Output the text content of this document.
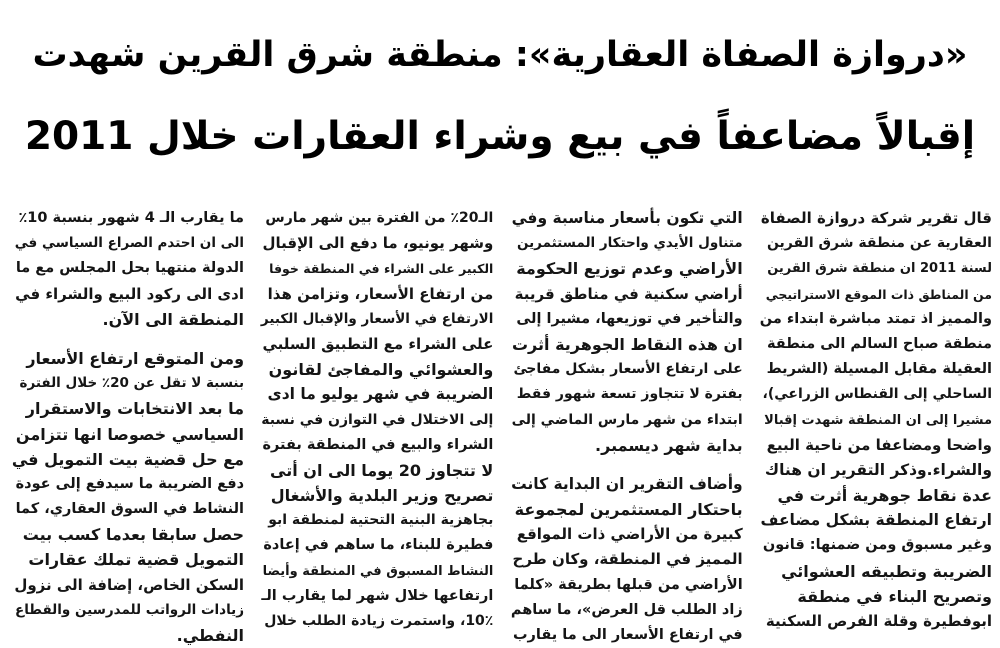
«دروازة الصفاة العقارية»: منطقة شرق القرين شهدت
إقبالاً مضاعفاً في بيع وشراء العقارات خلال 2011
قال تقرير شركة دروازة الصفاة
العقارية عن منطقة شرق القرين
لسنة 2011 ان منطقة شرق القرين
من المناطق ذات الموقع الاستراتيجي
والمميز اذ تمتد مباشرة ابتداء من
منطقة صباح السالم الى منطقة
العقيلة مقابل المسيلة (الشريط
الساحلي إلى القنطاس الزراعي)،
مشيرا إلى ان المنطقة شهدت إقبالا
واضحا ومضاعفا من ناحية البيع
والشراء.وذكر التقرير ان هناك
عدة نقاط جوهرية أثرت في
ارتفاع المنطقة بشكل مضاعف
وغير مسبوق ومن ضمنها: قانون
الضريبة وتطبيقه العشوائي
وتصريح البناء في منطقة
ابوفطيرة وقلة الفرص السكنية
التي تكون بأسعار مناسبة وفي
متناول الأيدي واحتكار المستثمرين
الأراضي وعدم توزيع الحكومة
أراضي سكنية في مناطق قريبة
والتأخير في توزيعها، مشيرا إلى
ان هذه النقاط الجوهرية أثرت
على ارتفاع الأسعار بشكل مفاجئ
بفترة لا تتجاوز تسعة شهور فقط
ابتداء من شهر مارس الماضي إلى
بداية شهر ديسمبر.
وأضاف التقرير ان البداية كانت
باحتكار المستثمرين لمجموعة
كبيرة من الأراضي ذات المواقع
المميز في المنطقة، وكان طرح
الأراضي من قبلها بطريقة «كلما
زاد الطلب قل العرض»، ما ساهم
في ارتفاع الأسعار الى ما يقارب
الـ20٪ من الفترة بين شهر مارس
وشهر يونيو، ما دفع الى الإقبال
الكبير على الشراء في المنطقة خوفا
من ارتفاع الأسعار، وتزامن هذا
الارتفاع في الأسعار والإقبال الكبير
على الشراء مع التطبيق السلبي
والعشوائي والمفاجئ لقانون
الضريبة في شهر يوليو ما ادى
إلى الاختلال في التوازن في نسبة
الشراء والبيع في المنطقة بفترة
لا تتجاوز 20 يوما الى ان أتى
تصريح وزير البلدية والأشغال
بجاهزية البنية التحتية لمنطقة ابو
فطيرة للبناء، ما ساهم في إعادة
النشاط المسبوق في المنطقة وأيضا
ارتفاعها خلال شهر لما يقارب الـ
10٪، واستمرت زيادة الطلب خلال
ما يقارب الـ 4 شهور بنسبة 10٪
الى ان احتدم الصراع السياسي في
الدولة منتهيا بحل المجلس مع ما
ادى الى ركود البيع والشراء في
المنطقة الى الآن.
ومن المتوقع ارتفاع الأسعار
بنسبة لا تقل عن 20٪ خلال الفترة
ما بعد الانتخابات والاستقرار
السياسي خصوصا انها تتزامن
مع حل قضية بيت التمويل في
دفع الضريبة ما سيدفع إلى عودة
النشاط في السوق العقاري، كما
حصل سابقا بعدما كسب بيت
التمويل قضية تملك عقارات
السكن الخاص، إضافة الى نزول
زيادات الرواتب للمدرسين والقطاع
النفطي.
